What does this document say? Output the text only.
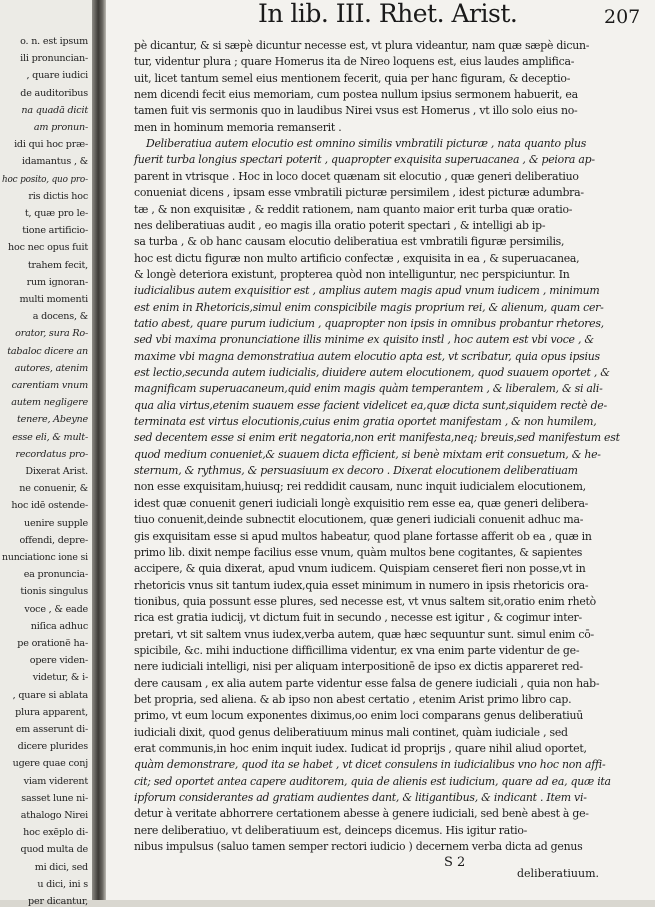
o. n. est ipsum
ili pronuncian-
, quare iudici
de auditoribus
na quadā dicit
am pronun-
idi qui hoc præ-
idamantus , &
hoc posito, quo pro-
ris dictis hoc
t, quæ pro le-
tione artificio-
hoc nec opus fuit
trahem fecit,
rum ignoran-
multi momenti
a docens, &
orator, sura Ro-
tabaloc dicere an
autores, atenim
carentiam vnum
autem negligere
tenere, Abeyne
esse eli, & mult-
recordatus pro-
Dixerat Arist.
ne conuenir, &
hoc idē ostende-
uenire supple
offendi, depre-
nunciationc ione si
ea pronuncia-
tionis singulus
voce , & eade
niſica adhuc
pe orationë ha-
opere viden-
videtur, & i-
, quare si ablata
plura apparent,
em asserunt di-
dicere plurides
ugere quae conj
viam viderent
sasset lune ni-
athalogo Nirei
hoc exēplo di-
quod multa de
mi dici, sed
u dici, ini s
per dicantur,
In lib. III. Rhet. Arist.	207
pè dicantur, & si sæpè dicuntur necesse est, vt plura videantur, nam quæ sæpè dicun-
tur, videntur plura ; quare Homerus ita de Nireo loquens est, eius laudes amplifica-
uit, licet tantum semel eius mentionem fecerit, quia per hanc figuram, & deceptio-
nem dicendi fecit eius memoriam, cum postea nullum ipsius sermonem habuerit, ea
tamen fuit vis sermonis quo in laudibus Nirei vsus est Homerus , vt illo solo eius no-
men in hominum memoria remanserit .
Deliberatiua autem elocutio est omnino similis vmbratili picturæ , nata quanto plus
fuerit turba longius spectari poterit , quapropter exquisita superuacanea , & peiora ap-
parent in vtrisque . Hoc in loco docet quænam sit elocutio , quæ generi deliberatiuo
conueniat dicens , ipsam esse vmbratili picturæ persimilem , idest picturæ adumbra-
tæ , & non exquisitæ , & reddit rationem, nam quanto maior erit turba quæ oratio-
nes deliberatiuas audit , eo magis illa oratio poterit spectari , & intelligi ab ip-
sa turba , & ob hanc causam elocutio deliberatiua est vmbratili figuræ persimilis,
hoc est dictu figuræ non multo artificio confectæ , exquisita in ea , & superuacanea,
& longè deteriora existunt, propterea quòd non intelliguntur, nec perspiciuntur. In
iudicialibus autem exquisitior est , amplius autem magis apud vnum iudicem , minimum
est enim in Rhetoricis,simul enim conspicibile magis proprium rei, & alienum, quam cer-
tatio abest, quare purum iudicium , quapropter non ipsis in omnibus probantur rhetores,
sed vbi maxima pronunciatione illis minime ex quisito instl , hoc autem est vbi voce , &
maxime vbi magna demonstratiua autem elocutio apta est, vt scribatur, quia opus ipsius
est lectio,secunda autem iudicialis, diuidere autem elocutionem, quod suauem oportet , &
magnificam superuacaneum,quid enim magis quàm temperantem , & liberalem, & si ali-
qua alia virtus,etenim suauem esse facient videlicet ea,quæ dicta sunt,siquidem rectè de-
terminata est virtus elocutionis,cuius enim gratia oportet manifestam , & non humilem,
sed decentem esse si enim erit negatoria,non erit manifesta,neq; breuis,sed manifestum est
quod medium conueniet,& suauem dicta efficient, si benè mixtam erit consuetum, & he-
sternum, & rythmus, & persuasiuum ex decoro . Dixerat elocutionem deliberatiuam
non esse exquisitam,huiusq; rei reddidit causam, nunc inquit iudicialem elocutionem,
idest quæ conuenit generi iudiciali longè exquisitio rem esse ea, quæ generi delibera-
tiuo conuenit,deinde subnectit elocutionem, quæ generi iudiciali conuenit adhuc ma-
gis exquisitam esse si apud multos habeatur, quod plane fortasse afferit ob ea , quæ in
primo lib. dixit nempe facilius esse vnum, quàm multos bene cogitantes, & sapientes
accipere, & quia dixerat, apud vnum iudicem. Quispiam censeret fieri non posse,vt in
rhetoricis vnus sit tantum iudex,quia esset minimum in numero in ipsis rhetoricis ora-
tionibus, quia possunt esse plures, sed necesse est, vt vnus saltem sit,oratio enim rhetò
rica est gratia iudicij, vt dictum fuit in secundo , necesse est igitur , & cogimur inter-
pretari, vt sit saltem vnus iudex,verba autem, quæ hæc sequuntur sunt. simul enim cō-
spicibile, &c. mihi inductione difficillima videntur, ex vna enim parte videntur de ge-
nere iudiciali intelligi, nisi per aliquam interpositionē de ipso ex dictis appareret red-
dere causam , ex alia autem parte videntur esse falsa de genere iudiciali , quia non hab-
bet propria, sed aliena. & ab ipso non abest certatio , etenim Arist primo libro cap.
primo, vt eum locum exponentes diximus,oo enim loci comparans genus deliberatiuū
iudiciali dixit, quod genus deliberatiuum minus mali continet, quàm iudiciale , sed
erat communis,in hoc enim inquit iudex. Iudicat id proprijs , quare nihil aliud oportet,
quàm demonstrare, quod ita se habet , vt dicet consulens in iudicialibus vno hoc non affi-
cit; sed oportet antea capere auditorem, quia de alienis est iudicium, quare ad ea, quæ ita
ipforum considerantes ad gratiam audientes dant, & litigantibus, & indicant . Item vi-
detur à veritate abhorrere certationem abesse à genere iudiciali, sed benè abest à ge-
nere deliberatiuo, vt deliberatiuum est, deinceps dicemus. His igitur ratio-
nibus impulsus (saluo tamen semper rectori iudicio ) decernem verba dicta ad genus
S 2
deliberatiuum.
